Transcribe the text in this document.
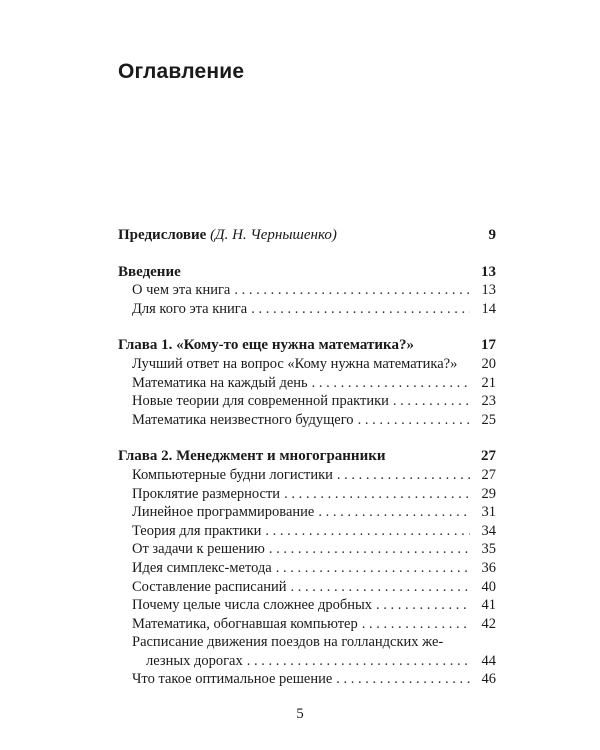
Оглавление
Предисловие (Д. Н. Чернышенко)	9
Введение	13
О чем эта книга . . .	13
Для кого эта книга . . .	14
Глава 1. «Кому-то еще нужна математика?»	17
Лучший ответ на вопрос «Кому нужна математика?»	20
Математика на каждый день . . .	21
Новые теории для современной практики . . .	23
Математика неизвестного будущего . . .	25
Глава 2. Менеджмент и многогранники	27
Компьютерные будни логистики . . .	27
Проклятие размерности . . .	29
Линейное программирование . . .	31
Теория для практики . . .	34
От задачи к решению . . .	35
Идея симплекс-метода . . .	36
Составление расписаний . . .	40
Почему целые числа сложнее дробных . . .	41
Математика, обогнавшая компьютер . . .	42
Расписание движения поездов на голландских же-
лезных дорогах . . .	44
Что такое оптимальное решение . . .	46
5
